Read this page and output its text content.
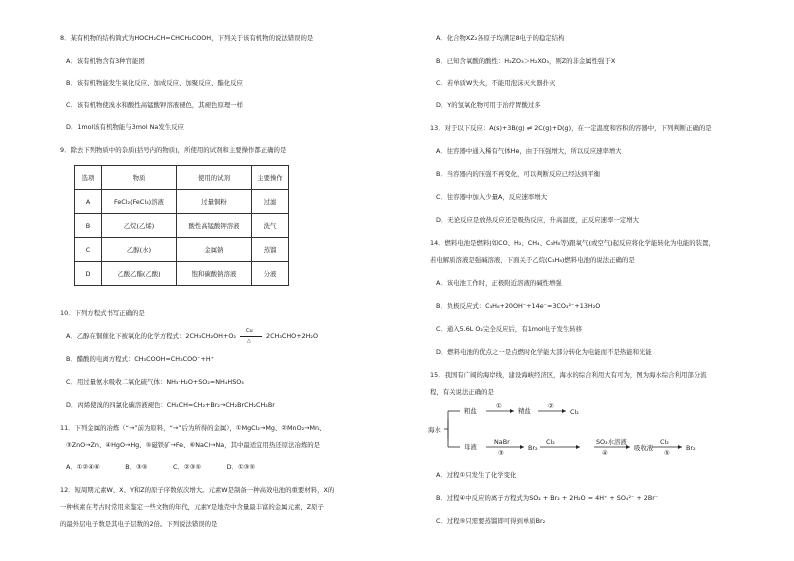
8．某有机物的结构简式为HOCH₂CH=CHCH₂COOH，下列关于该有机物的说法错误的是
A．该有机物含有3种官能团
B．该有机物能发生氧化反应、加成反应、加聚反应、酯化反应
C．该有机物使溴水和酸性高锰酸钾溶液褪色，其褪色原理一样
D．1mol该有机物能与3mol Na发生反应
9．除去下列物质中的杂质(括号内的物质)，所使用的试剂和主要操作都正确的是
10．下列方程式书写正确的是
A．乙醇在铜催化下被氧化的化学方程式：2CH₃CH₂OH+O₂
Cu
△
2CH₃CHO+2H₂O
B．醋酸的电离方程式：CH₃COOH=CH₃COO⁻+H⁺
C．用过量氨水吸收二氧化硫气体：NH₃·H₂O+SO₂=NH₄HSO₃
D．丙烯使溴的四氯化碳溶液褪色：CH₃CH=CH₂+Br₂→CH₂BrCH₂CH₂Br
11．下列金属的冶炼（“→”前为原料，“→”后为所得的金属），①MgCl₂→Mg、②MnO₂→Mn、
③ZnO→Zn、④HgO→Hg、⑤磁铁矿→Fe、⑥NaCl→Na，其中最适宜用热还原法冶炼的是
A．①②④⑥　　　　B．③⑤　　　　C．②③⑤　　　　D．①③⑤
12．短周期元素W、X、Y和Z的原子序数依次增大。元素W是制备一种高效电池的重要材料，X的
一种核素在考古时常用来鉴定一些文物的年代，元素Y是地壳中含量最丰富的金属元素，Z原子
的最外层电子数是其电子层数的2倍。下列说法错误的是
选项	物质	使用的试剂	主要操作
A	FeCl₂(FeCl₃)溶液	过量铜粉	过滤
B	乙烷(乙烯)	酸性高锰酸钾溶液	洗气
C	乙醇(水)	金属钠	蒸馏
D	乙酸乙酯(乙酸)	饱和碳酸钠溶液	分液
A．化合物XZ₂各原子均满足8电子的稳定结构
B．已知含氧酸的酸性：H₂ZO₃＞H₂XO₃，则Z的非金属性强于X
C．若单质W失火，不能用泡沫灭火器扑灭
D．Y的氢氧化物可用于治疗胃酸过多
13．对于以下反应：A(s)+3B(g) ⇌ 2C(g)+D(g)，在一定温度和容积的容器中，下列判断正确的是
A．往容器中通入稀有气体He，由于压强增大，所以反应速率增大
B．当容器内的压强不再变化，可以判断反应已经达到平衡
C．往容器中加入少量A，反应速率增大
D．无论反应是放热反应还是吸热反应，升高温度，正反应速率一定增大
14．燃料电池是燃料(如CO、H₂、CH₄、C₃H₈等)跟氧气(或空气)起反应将化学能转化为电能的装置，
若电解质溶液是强碱溶液，下面关于乙烷(C₃H₈)燃料电池的说法正确的是
A．该电池工作时，正极附近溶液的碱性增强
B．负极反应式：C₃H₈+20OH⁻+14e⁻=3CO₃²⁻+13H₂O
C．通入5.6L O₂完全反应后，有1mol电子发生转移
D．燃料电池的优点之一是点燃时化学能大部分转化为电能而不是热能和光能
15．我国有广阔的海岸线，建设海峡经济区，海水的综合利用大有可为，图为海水综合利用部分流
程，有关说法正确的是
海水
粗盐
①
精盐
②
Cl₂
母液
NaBr
③
Cl₂
Br₂
SO₂水溶液
④
吸收液
Cl₂
⑤
Br₂
A．过程①只发生了化学变化
B．过程④中反应的离子方程式为SO₂ + Br₂ + 2H₂O = 4H⁺ + SO₄²⁻ + 2Br⁻
C．过程⑤只需要蒸馏即可得到单质Br₂
